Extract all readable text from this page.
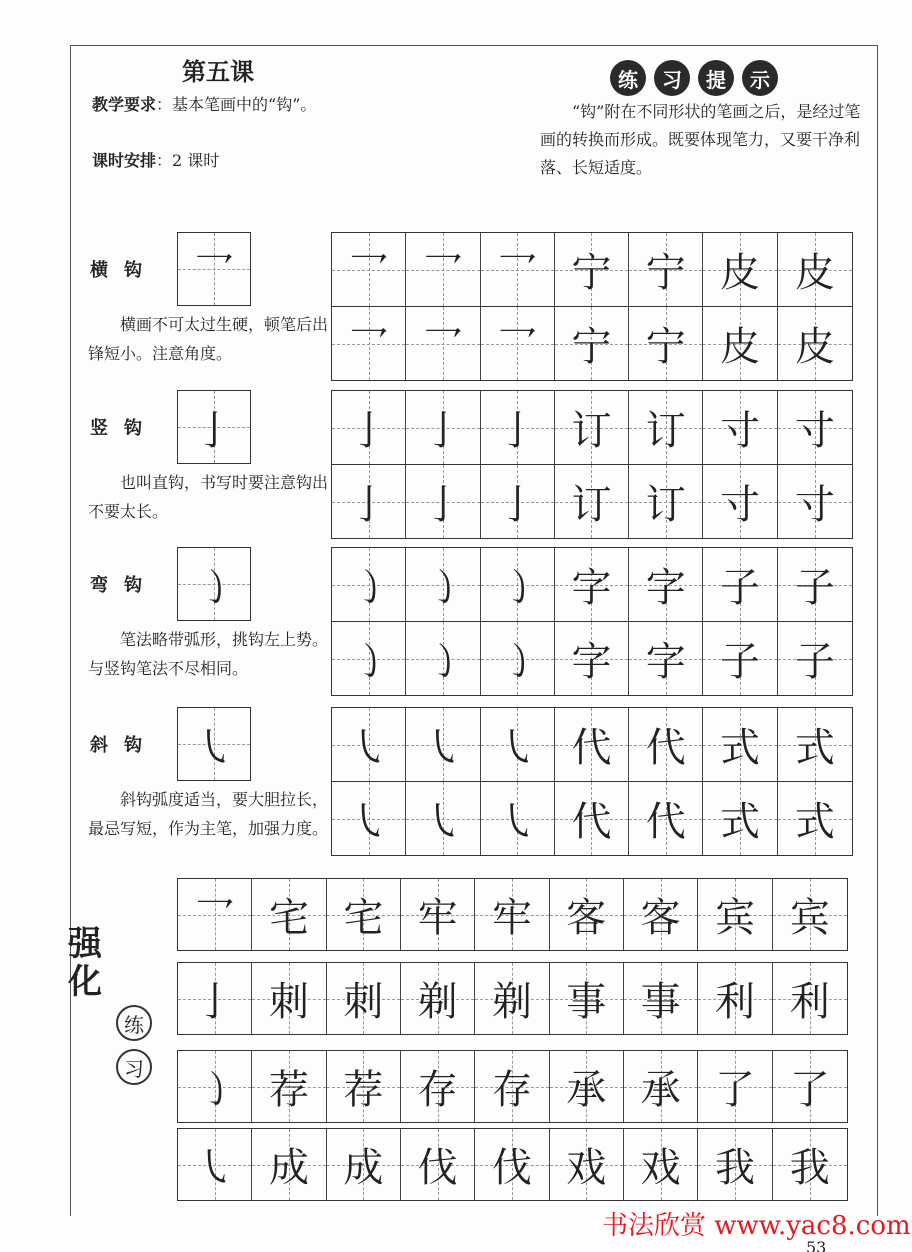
第五课
教学要求：基本笔画中的“钩”。
课时安排：2 课时
练	习	提	示
“钩”附在不同形状的笔画之后，是经过笔画的转换而形成。既要体现笔力，又要干净利落、长短适度。
横钩 乛
横画不可太过生硬，顿笔后出锋短小。注意角度。
乛 乛 乛 宁 宁 皮 皮
乛 乛 乛 宁 宁 皮 皮
竖钩 亅
也叫直钩，书写时要注意钩出不要太长。
亅 亅 亅 订 订 寸 寸
亅 亅 亅 订 订 寸 寸
弯钩 ㇁
笔法略带弧形，挑钩左上势。与竖钩笔法不尽相同。
㇁ ㇁ ㇁ 字 字 子 子
㇁ ㇁ ㇁ 字 字 子 子
斜钩 ㇂
斜钩弧度适当，要大胆拉长，最忌写短，作为主笔，加强力度。
㇂ ㇂ ㇂ 代 代 式 式
㇂ ㇂ ㇂ 代 代 式 式
强化
练
习
乛 宅 宅 牢 牢 客 客 宾 宾
亅 刺 刺 剃 剃 事 事 利 利
㇁ 荐 荐 存 存 承 承 了 了
㇂ 成 成 伐 伐 戏 戏 我 我
书法欣赏 www.yac8.com
53
